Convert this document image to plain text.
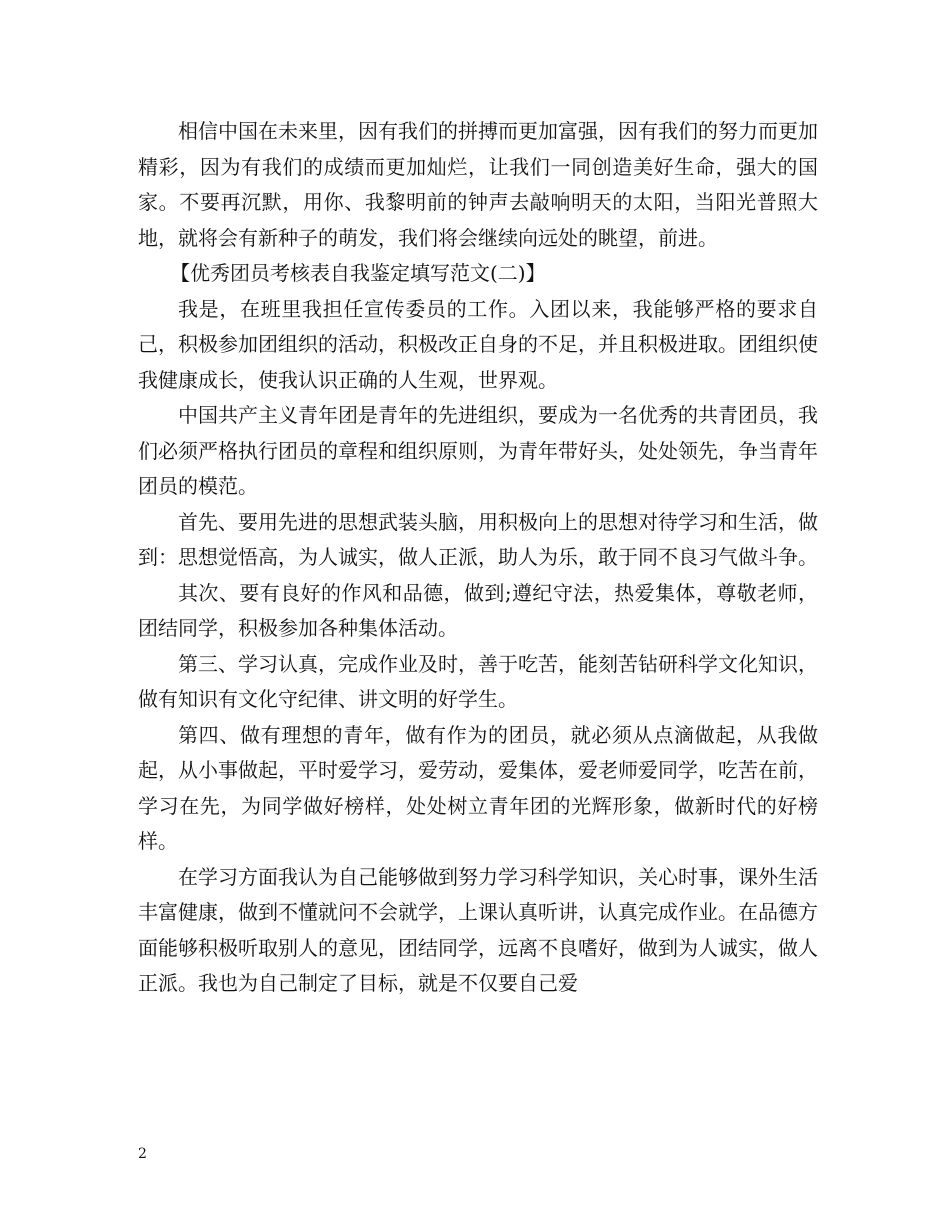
相信中国在未来里，因有我们的拼搏而更加富强，因有我们的努力而更加精彩，因为有我们的成绩而更加灿烂，让我们一同创造美好生命，强大的国家。不要再沉默，用你、我黎明前的钟声去敲响明天的太阳，当阳光普照大地，就将会有新种子的萌发，我们将会继续向远处的眺望，前进。

【优秀团员考核表自我鉴定填写范文(二)】

我是，在班里我担任宣传委员的工作。入团以来，我能够严格的要求自己，积极参加团组织的活动，积极改正自身的不足，并且积极进取。团组织使我健康成长，使我认识正确的人生观，世界观。

中国共产主义青年团是青年的先进组织，要成为一名优秀的共青团员，我们必须严格执行团员的章程和组织原则，为青年带好头，处处领先，争当青年团员的模范。

首先、要用先进的思想武装头脑，用积极向上的思想对待学习和生活，做到：思想觉悟高，为人诚实，做人正派，助人为乐，敢于同不良习气做斗争。

其次、要有良好的作风和品德，做到;遵纪守法，热爱集体，尊敬老师，团结同学，积极参加各种集体活动。

第三、学习认真，完成作业及时，善于吃苦，能刻苦钻研科学文化知识，做有知识有文化守纪律、讲文明的好学生。

第四、做有理想的青年，做有作为的团员，就必须从点滴做起，从我做起，从小事做起，平时爱学习，爱劳动，爱集体，爱老师爱同学，吃苦在前，学习在先，为同学做好榜样，处处树立青年团的光辉形象，做新时代的好榜样。

在学习方面我认为自己能够做到努力学习科学知识，关心时事，课外生活丰富健康，做到不懂就问不会就学，上课认真听讲，认真完成作业。在品德方面能够积极听取别人的意见，团结同学，远离不良嗜好，做到为人诚实，做人正派。我也为自己制定了目标，就是不仅要自己爱

2
